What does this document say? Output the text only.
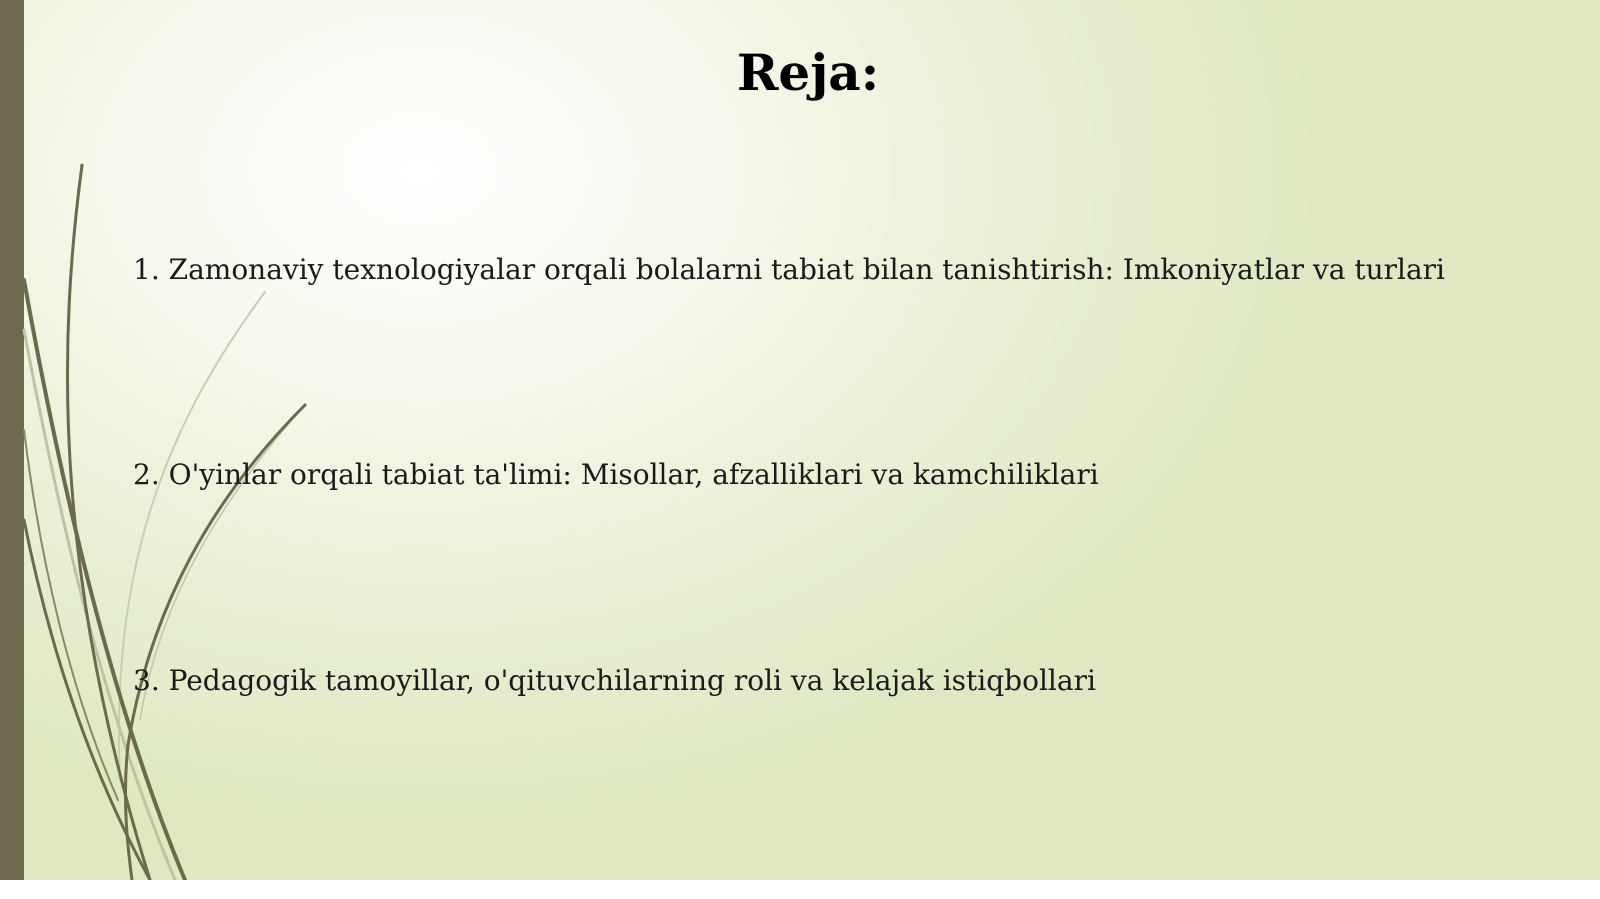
Reja:
1. Zamonaviy texnologiyalar orqali bolalarni tabiat bilan tanishtirish: Imkoniyatlar va turlari
2. O'yinlar orqali tabiat ta'limi: Misollar, afzalliklari va kamchiliklari
3. Pedagogik tamoyillar, o'qituvchilarning roli va kelajak istiqbollari
